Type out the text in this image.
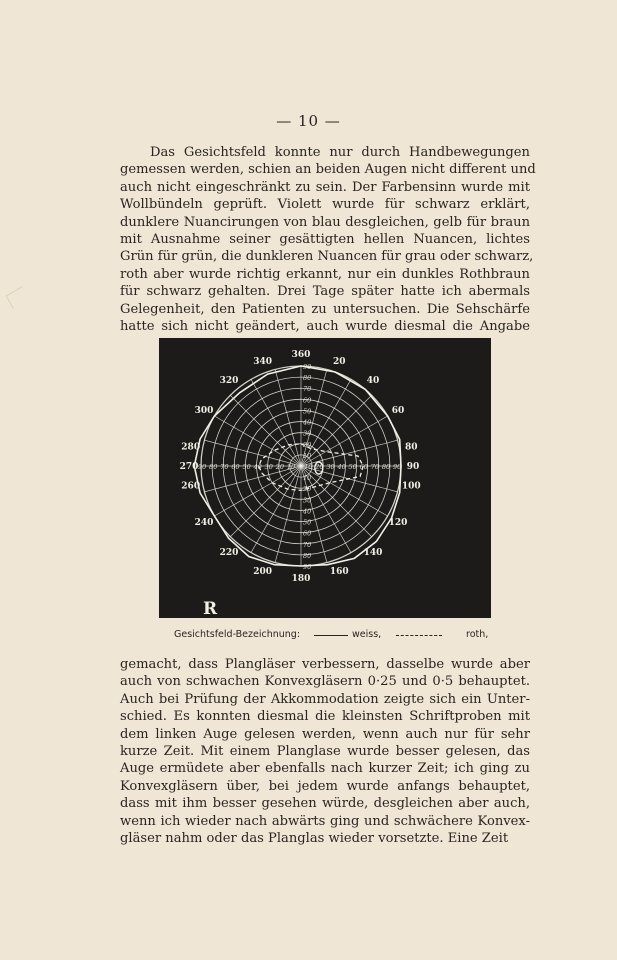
— 10 —
Das Gesichtsfeld konnte nur durch Handbewegungen
gemessen werden, schien an beiden Augen nicht different und
auch nicht eingeschränkt zu sein. Der Farbensinn wurde mit
Wollbündeln geprüft. Violett wurde für schwarz erklärt,
dunklere Nuancirungen von blau desgleichen, gelb für braun
mit Ausnahme seiner gesättigten hellen Nuancen, lichtes
Grün für grün, die dunkleren Nuancen für grau oder schwarz,
roth aber wurde richtig erkannt, nur ein dunkles Rothbraun
für schwarz gehalten. Drei Tage später hatte ich abermals
Gelegenheit, den Patienten zu untersuchen. Die Sehschärfe
hatte sich nicht geändert, auch wurde diesmal die Angabe
10
10
10 10
20
20
20	20
30
30
30	30
40
40
40	40
50
50
50	50
60
60
60	60
70
70
70	70
80
80
80	80
90
90
90	90
360
20
40
60
80
90
100
120
140
160
180
200
220
240
260
270
280
300
320
340
R
Gesichtsfeld-Bezeichnung:	weiss,	roth,
gemacht, dass Plangläser verbessern, dasselbe wurde aber
auch von schwachen Konvexgläsern 0·25 und 0·5 behauptet.
Auch bei Prüfung der Akkommodation zeigte sich ein Unter-
schied. Es konnten diesmal die kleinsten Schriftproben mit
dem linken Auge gelesen werden, wenn auch nur für sehr
kurze Zeit. Mit einem Planglase wurde besser gelesen, das
Auge ermüdete aber ebenfalls nach kurzer Zeit; ich ging zu
Konvexgläsern über, bei jedem wurde anfangs behauptet,
dass mit ihm besser gesehen würde, desgleichen aber auch,
wenn ich wieder nach abwärts ging und schwächere Konvex-
gläser nahm oder das Planglas wieder vorsetzte. Eine Zeit
